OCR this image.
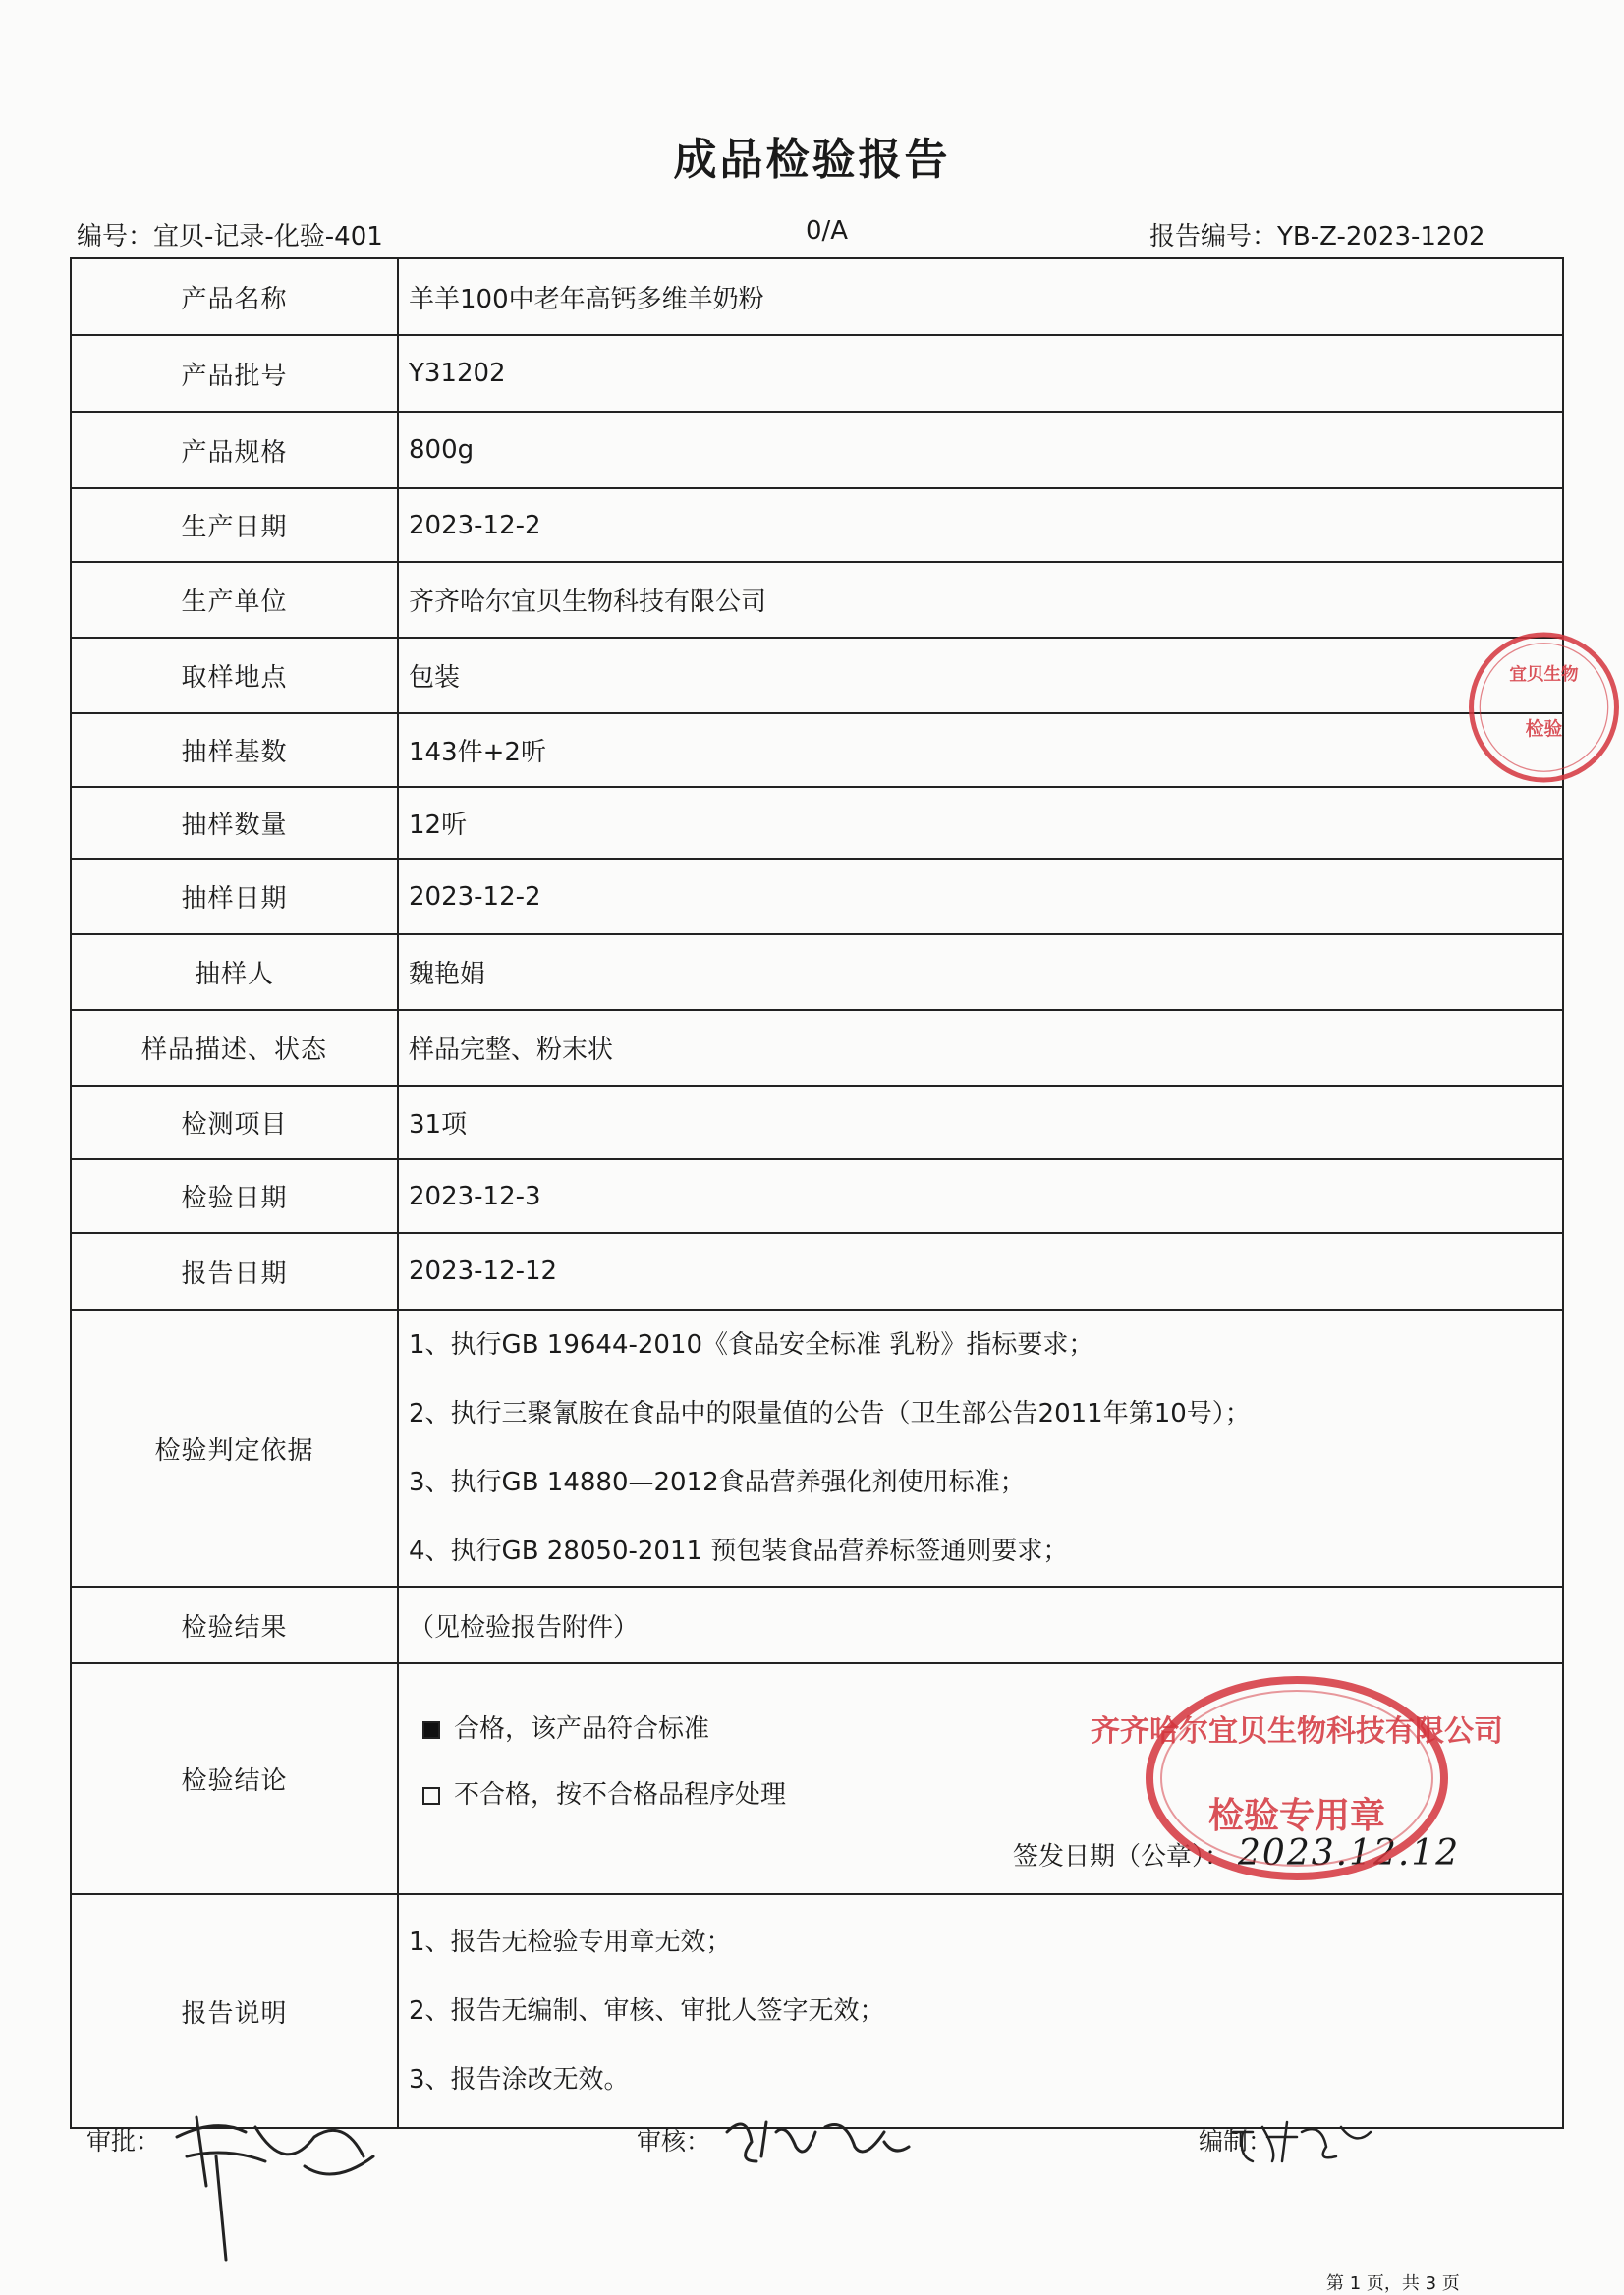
成品检验报告
编号：宜贝-记录-化验-401	0/A	报告编号：YB-Z-2023-1202
产品名称	羊羊100中老年高钙多维羊奶粉
产品批号	Y31202
产品规格	800g
生产日期	2023-12-2
生产单位	齐齐哈尔宜贝生物科技有限公司
取样地点	包装
抽样基数	143件+2听
抽样数量	12听
抽样日期	2023-12-2
抽样人	魏艳娟
样品描述、状态	样品完整、粉末状
检测项目	31项
检验日期	2023-12-3
报告日期	2023-12-12
检验判定依据	1、执行GB 19644-2010《食品安全标准 乳粉》指标要求；
2、执行三聚氰胺在食品中的限量值的公告（卫生部公告2011年第10号）；
3、执行GB 14880—2012食品营养强化剂使用标准；
4、执行GB 28050-2011 预包装食品营养标签通则要求；

检验结果	（见检验报告附件）
检验结论	合格，该产品符合标准
不合格，按不合格品程序处理
签发日期（公章）： 2023.12.12

报告说明	1、报告无检验专用章无效；
2、报告无编制、审核、审批人签字无效；
3、报告涂改无效。
检验
宜贝生物
齐齐哈尔宜贝生物科技有限公司
检验专用章
审批：	审核：	编制：
第 1 页，共 3 页
